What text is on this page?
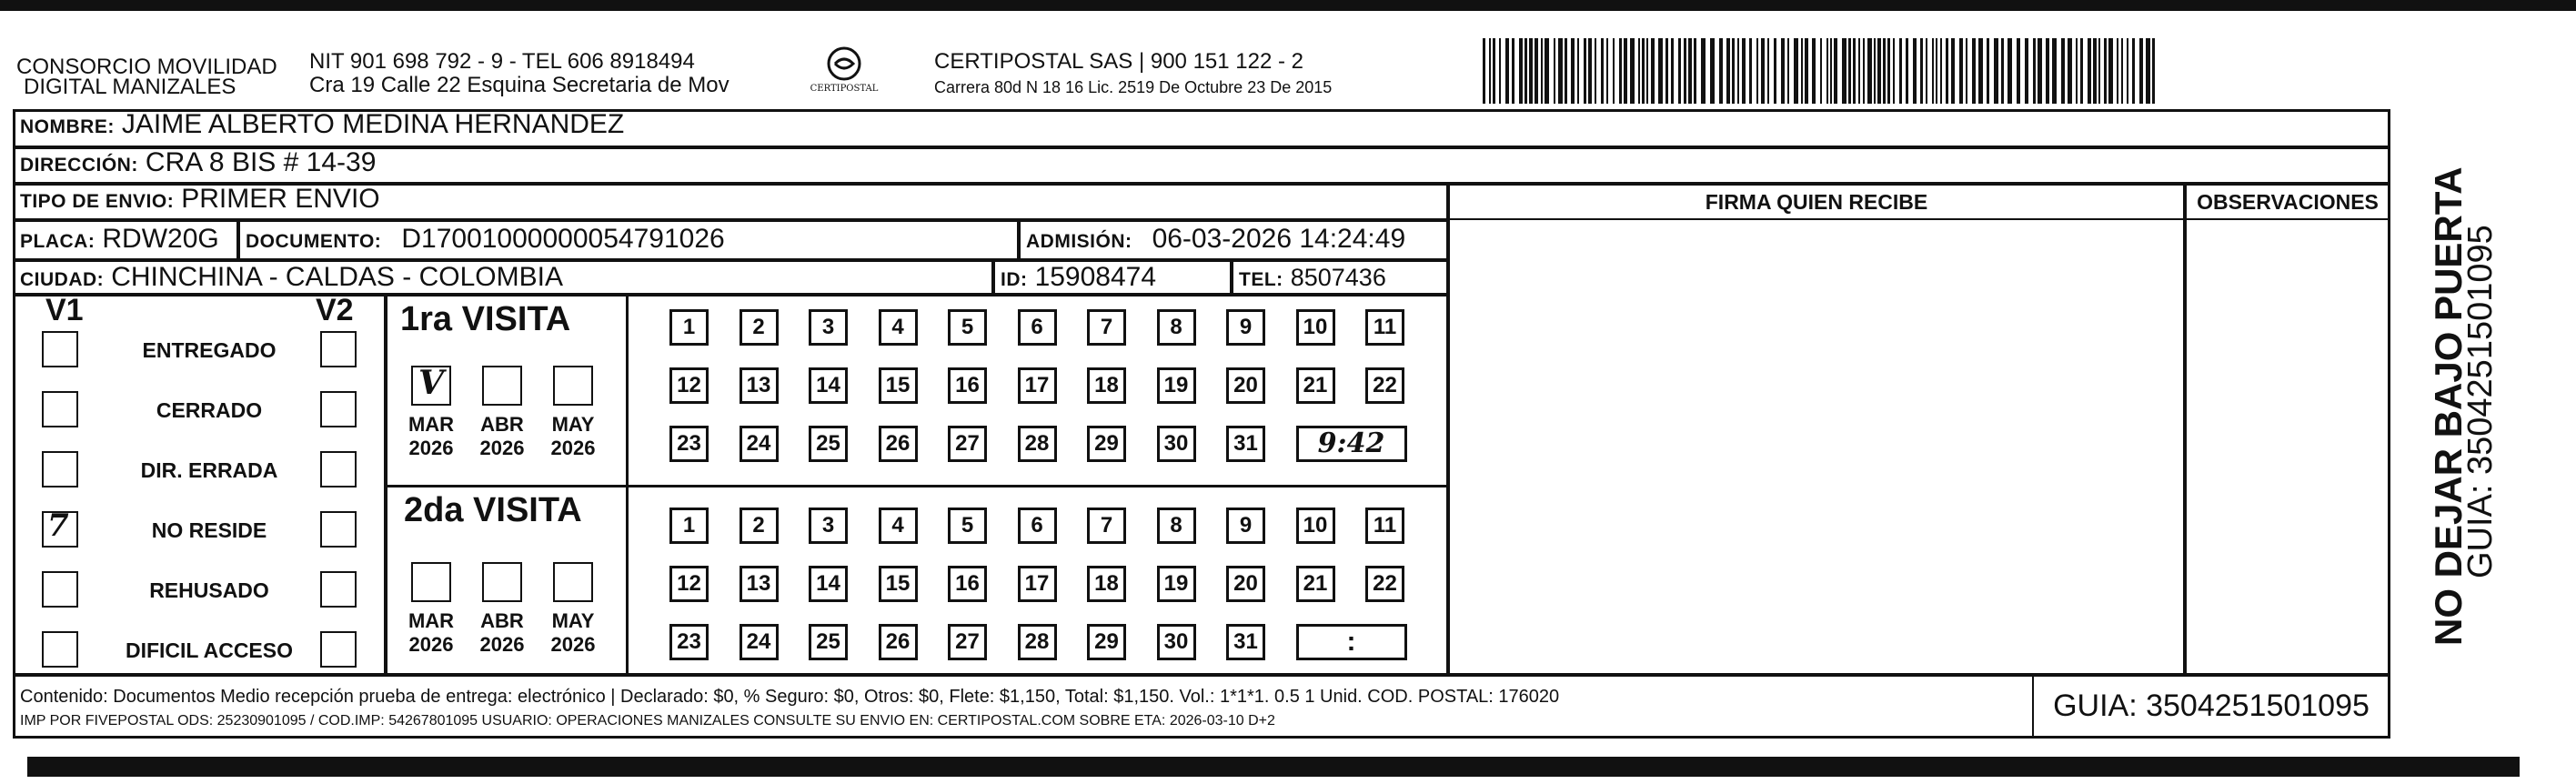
CONSORCIO MOVILIDAD
DIGITAL MANIZALES
NIT 901 698 792 - 9 - TEL 606 8918494
Cra 19 Calle 22 Esquina Secretaria de Mov	CERTIPOSTAL
CERTIPOSTAL SAS | 900 151 122 - 2
Carrera 80d N 18 16 Lic. 2519 De Octubre 23 De 2015
NOMBRE: JAIME ALBERTO MEDINA HERNANDEZ
DIRECCIÓN: CRA 8 BIS # 14-39
TIPO DE ENVIO: PRIMER ENVIO	FIRMA QUIEN RECIBE	OBSERVACIONES
PLACA: RDW20G	DOCUMENTO: D17001000000054791026	ADMISIÓN: 06-03-2026 14:24:49
CIUDAD: CHINCHINA - CALDAS - COLOMBIA	ID: 15908474	TEL: 8507436
V1	V2 1ra VISITA
2da VISITA
Contenido: Documentos Medio recepción prueba de entrega: electrónico | Declarado: $0, % Seguro: $0, Otros: $0, Flete: $1,150, Total: $1,150. Vol.: 1*1*1. 0.5 1 Unid. COD. POSTAL: 176020
IMP POR FIVEPOSTAL ODS: 25230901095 / COD.IMP: 54267801095 USUARIO: OPERACIONES MANIZALES CONSULTE SU ENVIO EN: CERTIPOSTAL.COM SOBRE ETA: 2026-03-10 D+2	GUIA: 3504251501095
NO DEJAR BAJO PUERTA
GUIA: 3504251501095
ENTREGADO
CERRADO
DIR. ERRADA
7	NO RESIDE
REHUSADO
DIFICIL ACCESO
V
MAR
2026
ABR
2026
MAY
2026
MAR
2026
ABR
2026
MAY
2026
1	2	3	4	5	6	7	8	9	10	11
12	13	14	15	16	17	18	19	20	21	22
23	24	25	26	27	28	29	30	31	9:42
1	2	3	4	5	6	7	8	9	10	11
12	13	14	15	16	17	18	19	20	21	22
23	24	25	26	27	28	29	30	31	:
